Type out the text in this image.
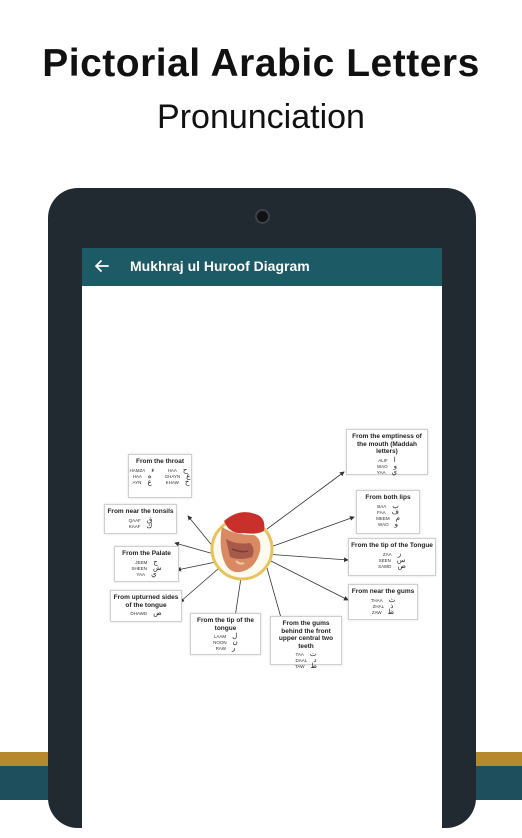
Pictorial Arabic Letters
Pronunciation
Mukhraj ul Huroof Diagram
From the throat
HAMZA ء
HAA ه
AYN ع
HAA ح
GHAYN غ
KHAW خ
From near the tonsils
QAAF ق
KAAF ك
From the Palate
JEEM ج
SHEEN ش
YAA ي
From upturned sides of the tongue
DHAWD ض
From the tip of the tongue
LAAM ل
NOON ن
RAW ر
From the gums behind the front upper central two teeth
TAA ت
DAAL د
TAW ط
From the emptiness of the mouth (Maddah letters)
ALIF ا
WAO و
YAA ي
From both lips
BAA ب
FAA ف
MEEM م
WAO و
From the tip of the Tongue
ZAA ز
SEEN س
SAWD ص
From near the gums
THAA ث
ZHAL ذ
ZAW ظ
